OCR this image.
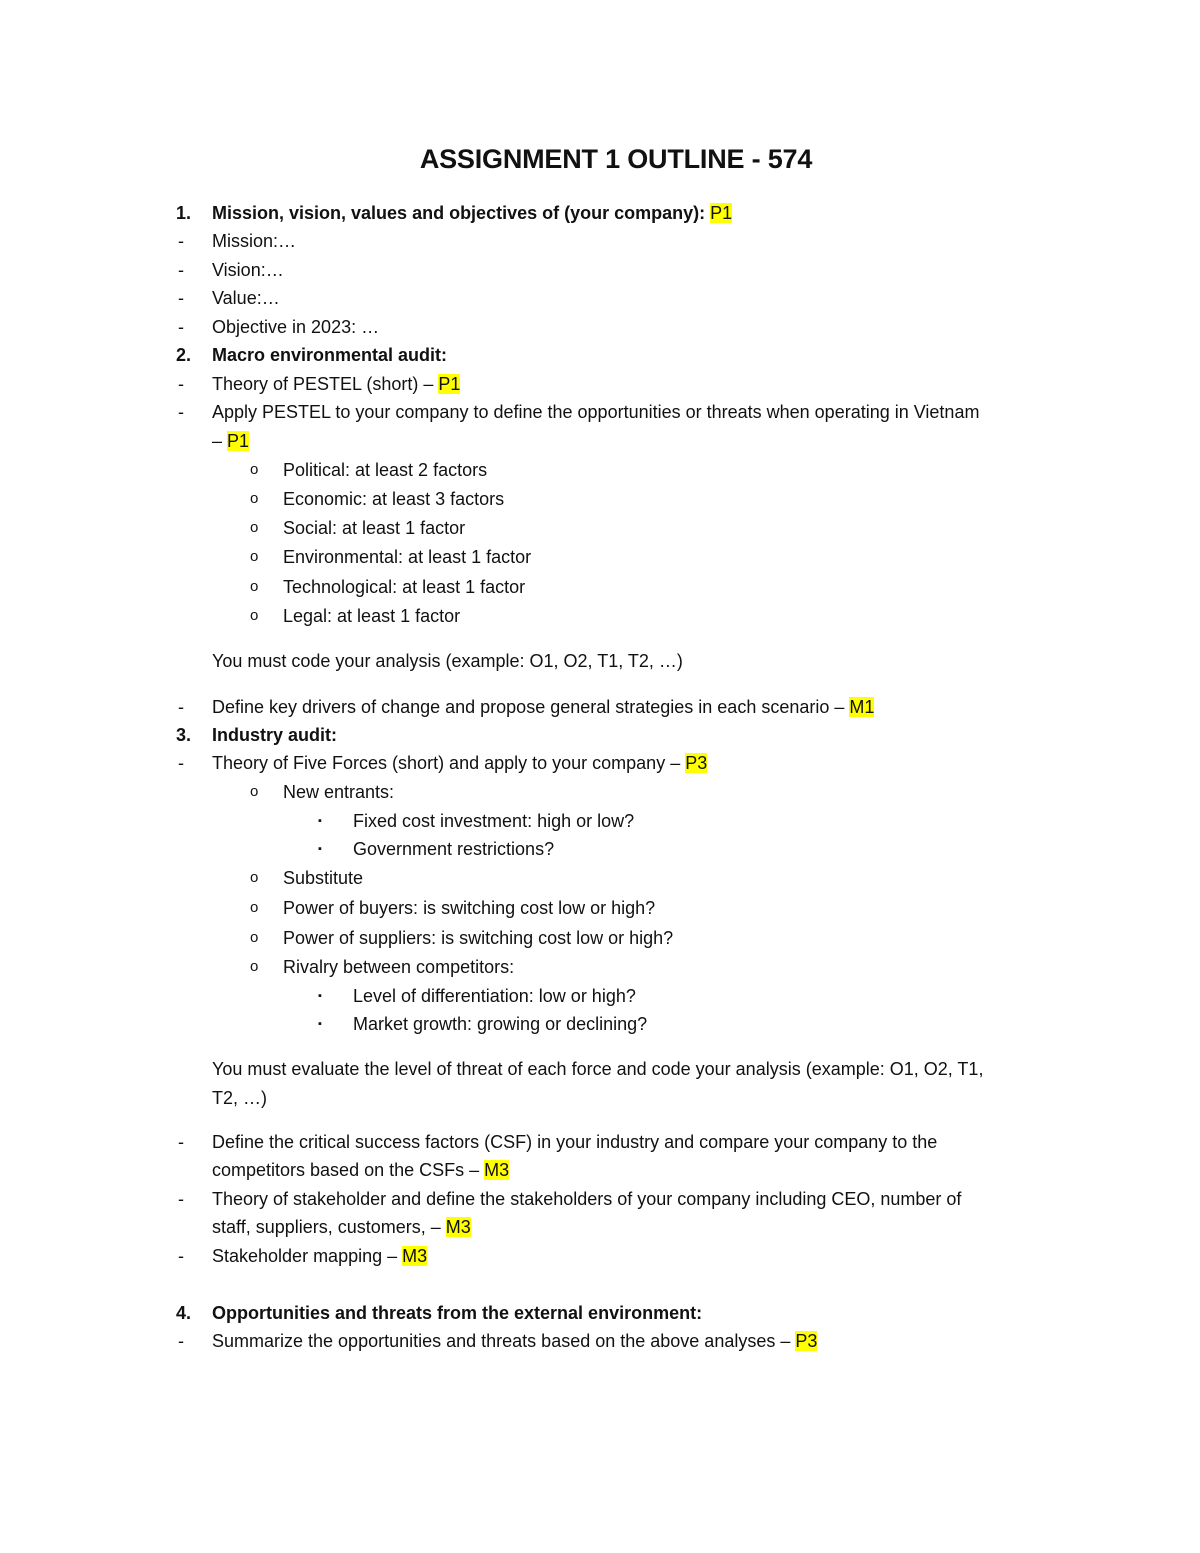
ASSIGNMENT 1 OUTLINE - 574
1. Mission, vision, values and objectives of (your company): P1
- Mission:…
- Vision:…
- Value:…
- Objective in 2023: …
2. Macro environmental audit:
- Theory of PESTEL (short) – P1
- Apply PESTEL to your company to define the opportunities or threats when operating in Vietnam
– P1
o Political: at least 2 factors
o Economic: at least 3 factors
o Social: at least 1 factor
o Environmental: at least 1 factor
o Technological: at least 1 factor
o Legal: at least 1 factor
You must code your analysis (example: O1, O2, T1, T2, …)
- Define key drivers of change and propose general strategies in each scenario – M1
3. Industry audit:
- Theory of Five Forces (short) and apply to your company – P3
o New entrants:
▪ Fixed cost investment: high or low?
▪ Government restrictions?
o Substitute
o Power of buyers: is switching cost low or high?
o Power of suppliers: is switching cost low or high?
o Rivalry between competitors:
▪ Level of differentiation: low or high?
▪ Market growth: growing or declining?
You must evaluate the level of threat of each force and code your analysis (example: O1, O2, T1,
T2, …)
- Define the critical success factors (CSF) in your industry and compare your company to the
competitors based on the CSFs – M3
- Theory of stakeholder and define the stakeholders of your company including CEO, number of
staff, suppliers, customers, – M3
- Stakeholder mapping – M3
4. Opportunities and threats from the external environment:
- Summarize the opportunities and threats based on the above analyses – P3
